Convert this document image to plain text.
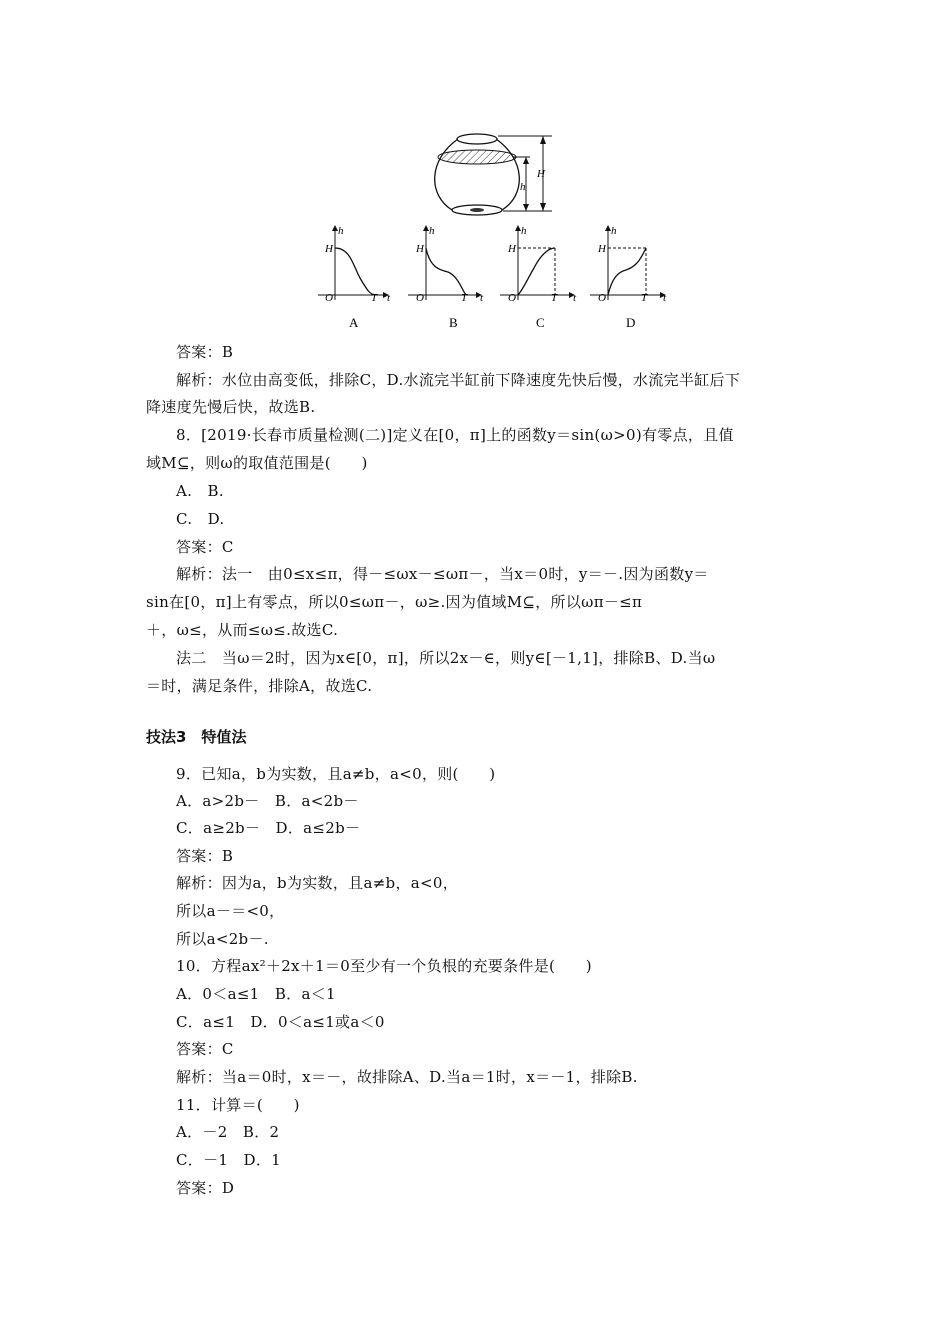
H
h
h
H
O	T t
A
h
H
O	T t
B
h
H
O	T t
C
h
H
O	T t
D
答案：B
解析：水位由高变低，排除C，D.水流完半缸前下降速度先快后慢，水流完半缸后下
降速度先慢后快，故选B.
8．[2019·长春市质量检测(二)]定义在[0，π]上的函数y＝sin(ω>0)有零点，且值
域M⊆，则ω的取值范围是(　　)
A.　B.
C.　D.
答案：C
解析：法一　由0≤x≤π，得－≤ωx－≤ωπ－，当x＝0时，y＝－.因为函数y＝
sin在[0，π]上有零点，所以0≤ωπ－，ω≥.因为值域M⊆，所以ωπ－≤π
＋，ω≤，从而≤ω≤.故选C.
法二　当ω＝2时，因为x∈[0，π]，所以2x－∈，则y∈[－1,1]，排除B、D.当ω
＝时，满足条件，排除A，故选C.
技法3　特值法
9．已知a，b为实数，且a≠b，a<0，则(　　)
A．a>2b－　B．a<2b－
C．a≥2b－　D．a≤2b－
答案：B
解析：因为a，b为实数，且a≠b，a<0，
所以a－＝<0，
所以a<2b－.
10．方程ax²＋2x＋1＝0至少有一个负根的充要条件是(　　)
A．0＜a≤1　B．a＜1
C．a≤1　D．0＜a≤1或a＜0
答案：C
解析：当a＝0时，x＝－，故排除A、D.当a＝1时，x＝－1，排除B.
11．计算＝(　　)
A．－2　B．2
C．－1　D．1
答案：D
